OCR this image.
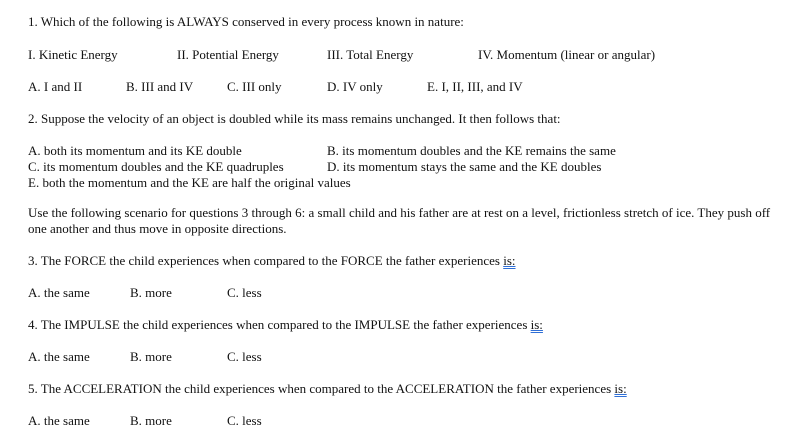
1. Which of the following is ALWAYS conserved in every process known in nature:
I. Kinetic Energy	II. Potential Energy	III. Total Energy	IV. Momentum (linear or angular)
A. I and II	B. III and IV	C. III only	D. IV only	E. I, II, III, and IV
2. Suppose the velocity of an object is doubled while its mass remains unchanged. It then follows that:
A. both its momentum and its KE double	B. its momentum doubles and the KE remains the same
C. its momentum doubles and the KE quadruples	D. its momentum stays the same and the KE doubles
E. both the momentum and the KE are half the original values
Use the following scenario for questions 3 through 6: a small child and his father are at rest on a level, frictionless stretch of ice. They push off one another and thus move in opposite directions.
3. The FORCE the child experiences when compared to the FORCE the father experiences is:
A. the same	B. more	C. less
4. The IMPULSE the child experiences when compared to the IMPULSE the father experiences is:
A. the same	B. more	C. less
5. The ACCELERATION the child experiences when compared to the ACCELERATION the father experiences is:
A. the same	B. more	C. less
